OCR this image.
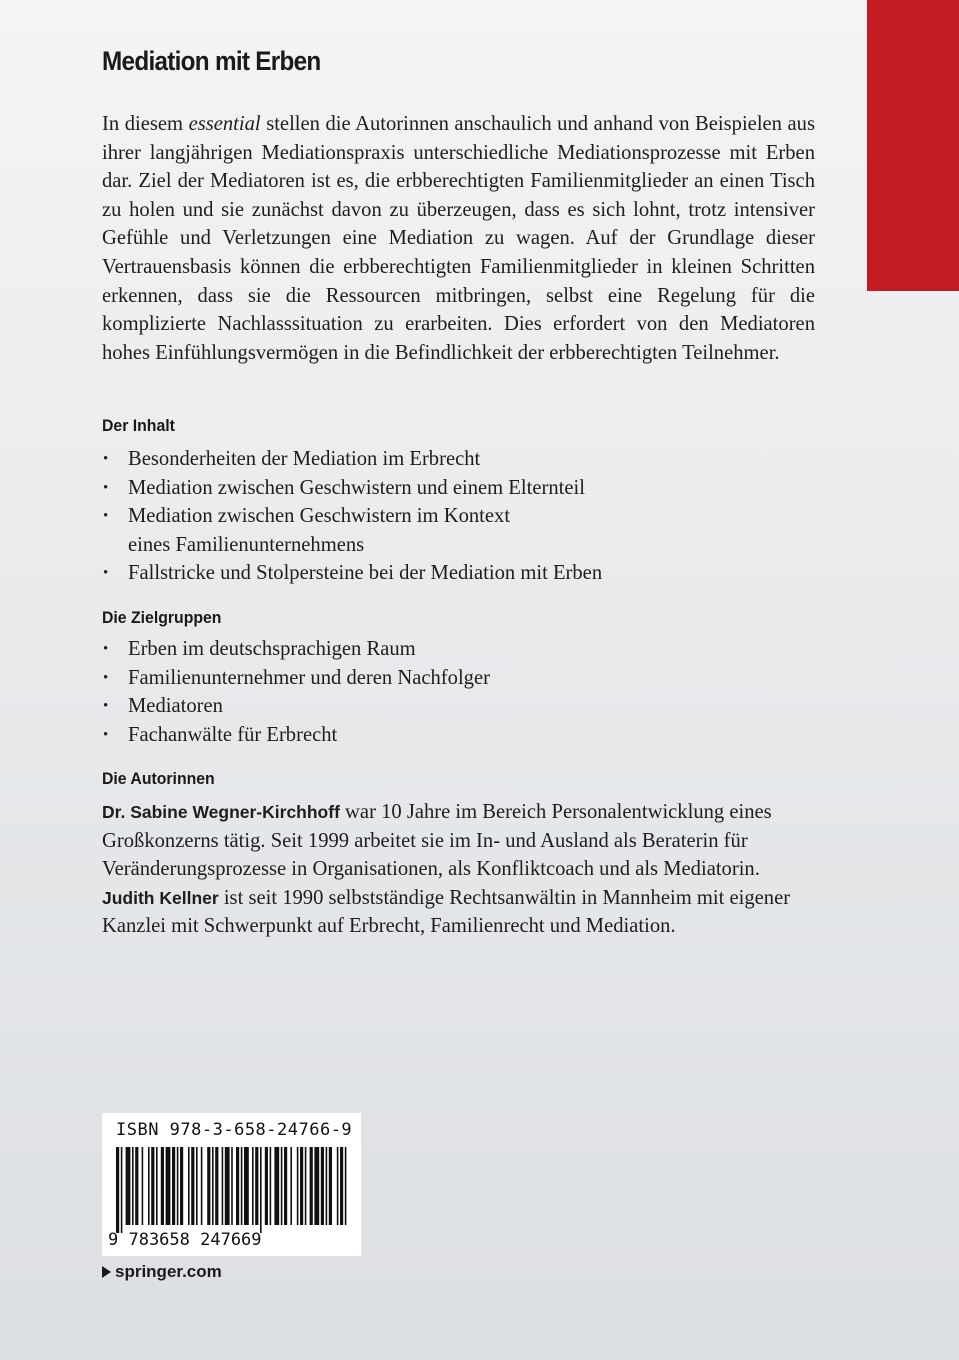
Mediation mit Erben
In diesem essential stellen die Autorinnen anschaulich und anhand von Beispielen aus ihrer langjährigen Mediationspraxis unterschiedliche Mediationsprozesse mit Erben dar. Ziel der Mediatoren ist es, die erbberechtigten Familienmitglieder an einen Tisch zu holen und sie zunächst davon zu überzeugen, dass es sich lohnt, trotz intensiver Gefühle und Verletzungen eine Mediation zu wagen. Auf der Grundlage dieser Vertrauensbasis können die erbberechtigten Familienmitglieder in kleinen Schritten erkennen, dass sie die Ressourcen mitbringen, selbst eine Regelung für die komplizierte Nachlasssituation zu erarbeiten. Dies erfordert von den Mediatoren hohes Einfühlungsvermögen in die Befindlichkeit der erbberechtigten Teilnehmer.
Der Inhalt
• Besonderheiten der Mediation im Erbrecht
• Mediation zwischen Geschwistern und einem Elternteil
• Mediation zwischen Geschwistern im Kontext
eines Familienunternehmens
• Fallstricke und Stolpersteine bei der Mediation mit Erben
Die Zielgruppen
• Erben im deutschsprachigen Raum
• Familienunternehmer und deren Nachfolger
• Mediatoren
• Fachanwälte für Erbrecht
Die Autorinnen
Dr. Sabine Wegner-Kirchhoff war 10 Jahre im Bereich Personalentwicklung eines Großkonzerns tätig. Seit 1999 arbeitet sie im In- und Ausland als Beraterin für Veränderungsprozesse in Organisationen, als Konfliktcoach und als Mediatorin.
Judith Kellner ist seit 1990 selbstständige Rechtsanwältin in Mannheim mit eigener Kanzlei mit Schwerpunkt auf Erbrecht, Familienrecht und Mediation.
ISBN 978-3-658-24766-9
9 783658 247669
springer.com
